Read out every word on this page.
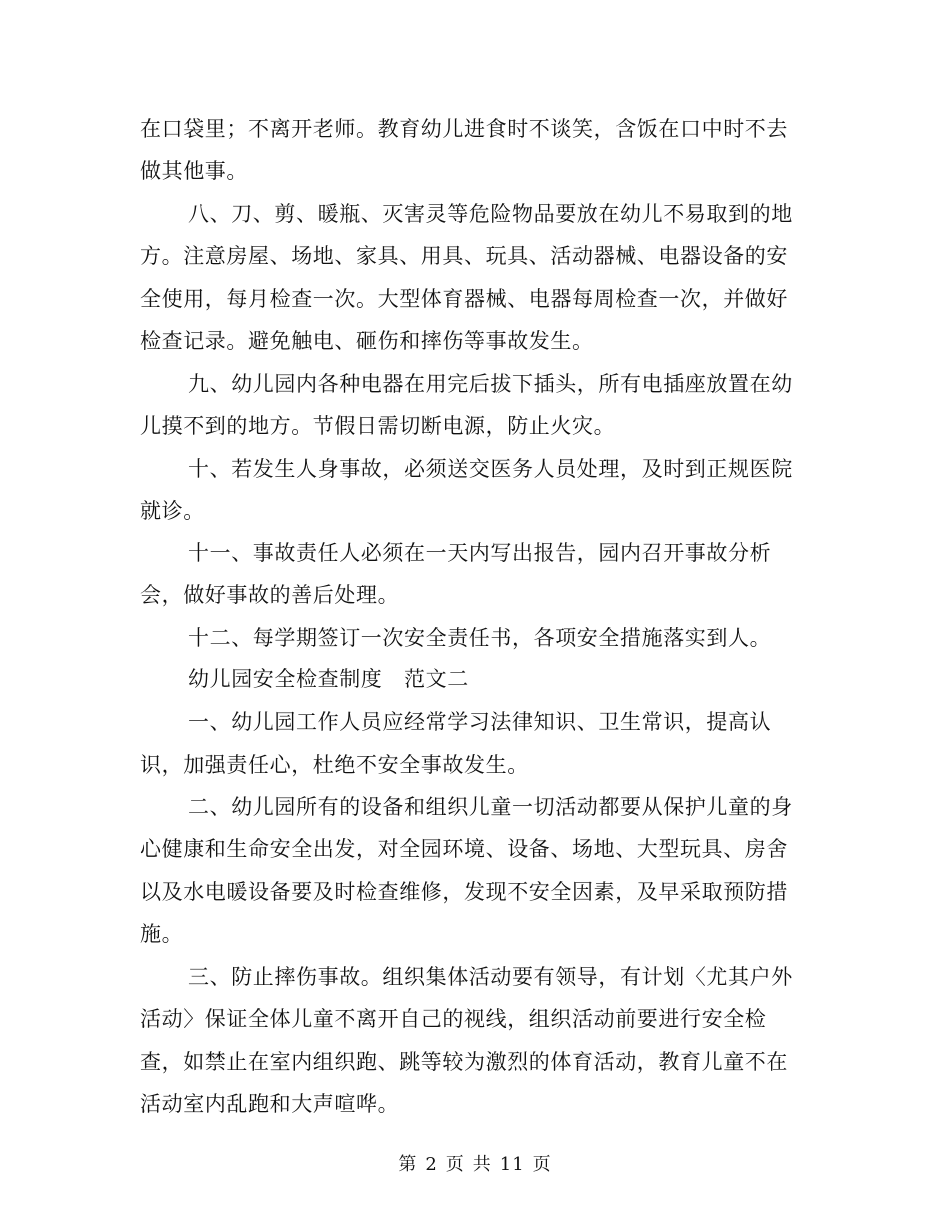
在口袋里；不离开老师。教育幼儿进食时不谈笑，含饭在口中时不去
做其他事。
八、刀、剪、暖瓶、灭害灵等危险物品要放在幼儿不易取到的地
方。注意房屋、场地、家具、用具、玩具、活动器械、电器设备的安
全使用，每月检查一次。大型体育器械、电器每周检查一次，并做好
检查记录。避免触电、砸伤和摔伤等事故发生。
九、幼儿园内各种电器在用完后拔下插头，所有电插座放置在幼
儿摸不到的地方。节假日需切断电源，防止火灾。
十、若发生人身事故，必须送交医务人员处理，及时到正规医院
就诊。
十一、事故责任人必须在一天内写出报告，园内召开事故分析
会，做好事故的善后处理。
十二、每学期签订一次安全责任书，各项安全措施落实到人。
幼儿园安全检查制度　范文二
一、幼儿园工作人员应经常学习法律知识、卫生常识，提高认
识，加强责任心，杜绝不安全事故发生。
二、幼儿园所有的设备和组织儿童一切活动都要从保护儿童的身
心健康和生命安全出发，对全园环境、设备、场地、大型玩具、房舍
以及水电暖设备要及时检查维修，发现不安全因素，及早采取预防措
施。
三、防止摔伤事故。组织集体活动要有领导，有计划〈尤其户外
活动〉保证全体儿童不离开自己的视线，组织活动前要进行安全检
查，如禁止在室内组织跑、跳等较为激烈的体育活动，教育儿童不在
活动室内乱跑和大声喧哗。
第 2 页 共 11 页
